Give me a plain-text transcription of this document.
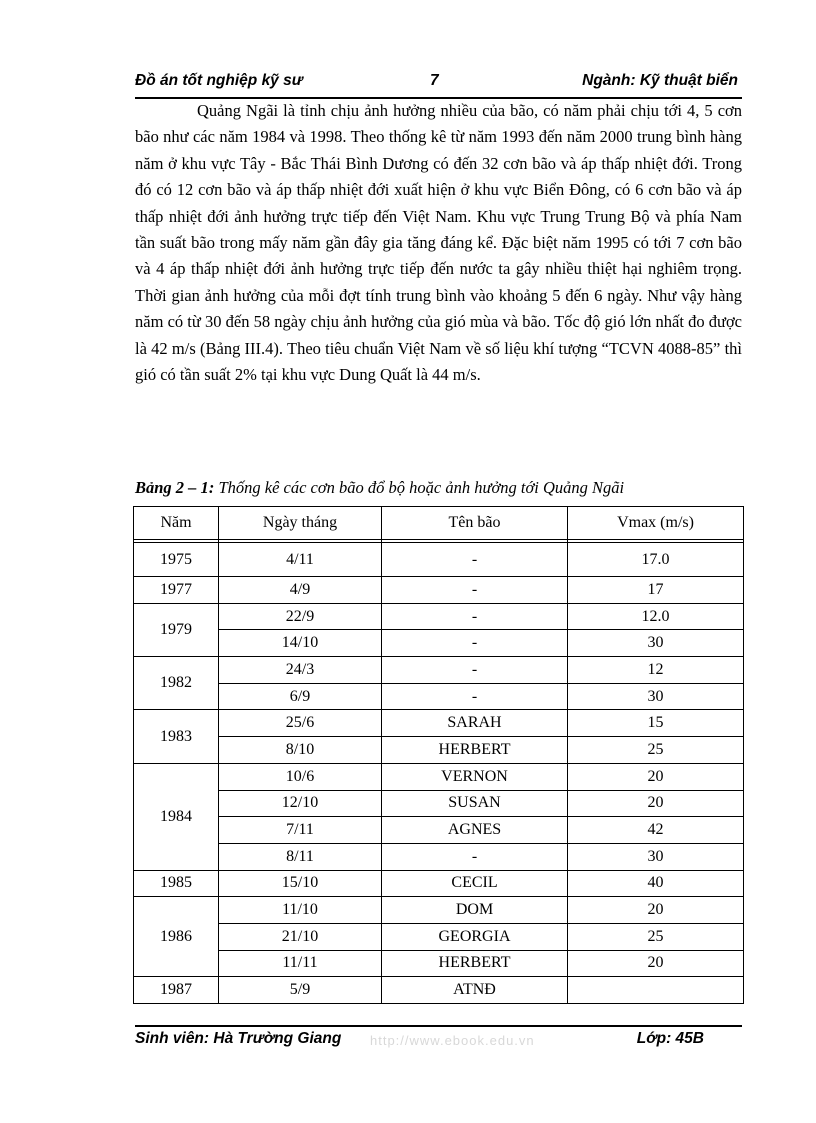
Đồ án tốt nghiệp kỹ sư	7	Ngành: Kỹ thuật biển

Quảng Ngãi là tỉnh chịu ảnh hưởng nhiều của bão, có năm phải chịu tới 4, 5 cơn bão như các năm 1984 và 1998. Theo thống kê từ năm 1993 đến năm 2000 trung bình hàng năm ở khu vực Tây - Bắc Thái Bình Dương có đến 32 cơn bão và áp thấp nhiệt đới. Trong đó có 12 cơn bão và áp thấp nhiệt đới xuất hiện ở khu vực Biển Đông, có 6 cơn bão và áp thấp nhiệt đới ảnh hưởng trực tiếp đến Việt Nam. Khu vực Trung Trung Bộ và phía Nam tần suất bão trong mấy năm gần đây gia tăng đáng kể. Đặc biệt năm 1995 có tới 7 cơn bão và 4 áp thấp nhiệt đới ảnh hưởng trực tiếp đến nước ta gây nhiều thiệt hại nghiêm trọng. Thời gian ảnh hưởng của mỗi đợt tính trung bình vào khoảng 5 đến 6 ngày. Như vậy hàng năm có từ 30 đến 58 ngày chịu ảnh hưởng của gió mùa và bão. Tốc độ gió lớn nhất đo được là 42 m/s (Bảng III.4). Theo tiêu chuẩn Việt Nam về số liệu khí tượng “TCVN 4088-85” thì gió có tần suất 2% tại khu vực Dung Quất là 44 m/s.

Bảng 2 – 1: Thống kê các cơn bão đổ bộ hoặc ảnh hưởng tới Quảng Ngãi
Năm	Ngày tháng	Tên bão	Vmax (m/s)

1975	4/11	-	17.0
1977	4/9	-	17
1979	22/9	-	12.0
	14/10	-	30
1982	24/3	-	12
	6/9	-	30
1983	25/6	SARAH	15
	8/10	HERBERT	25
1984	10/6	VERNON	20
	12/10	SUSAN	20
	7/11	AGNES	42
	8/11	-	30
1985	15/10	CECIL	40
1986	11/10	DOM	20
	21/10	GEORGIA	25
	11/11	HERBERT	20
1987	5/9	ATNĐ	
Sinh viên: Hà Trường Giang http://www.ebook.edu.vn	Lớp: 45B
